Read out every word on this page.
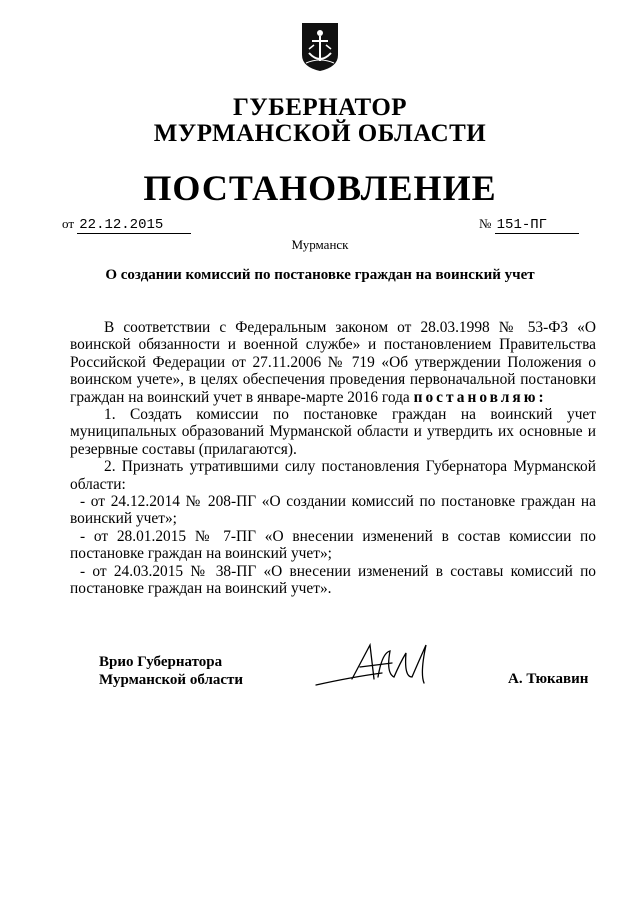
ГУБЕРНАТОР
МУРМАНСКОЙ ОБЛАСТИ
ПОСТАНОВЛЕНИЕ
от 22.12.2015	№ 151-ПГ
Мурманск
О создании комиссий по постановке граждан на воинский учет

В соответствии с Федеральным законом от 28.03.1998 № 53-ФЗ «О воинской обязанности и военной службе» и постановлением Правительства Российской Федерации от 27.11.2006 № 719 «Об утверждении Положения о воинском учете», в целях обеспечения проведения первоначальной постановки граждан на воинский учет в январе-марте 2016 года постановляю:

1. Создать комиссии по постановке граждан на воинский учет муниципальных образований Мурманской области и утвердить их основные и резервные составы (прилагаются).

2. Признать утратившими силу постановления Губернатора Мурманской области:

- от 24.12.2014 № 208-ПГ «О создании комиссий по постановке граждан на воинский учет»;

- от 28.01.2015 № 7-ПГ «О внесении изменений в состав комиссии по постановке граждан на воинский учет»;

- от 24.03.2015 № 38-ПГ «О внесении изменений в составы комиссий по постановке граждан на воинский учет».

Врио Губернатора
Мурманской области	А. Тюкавин
